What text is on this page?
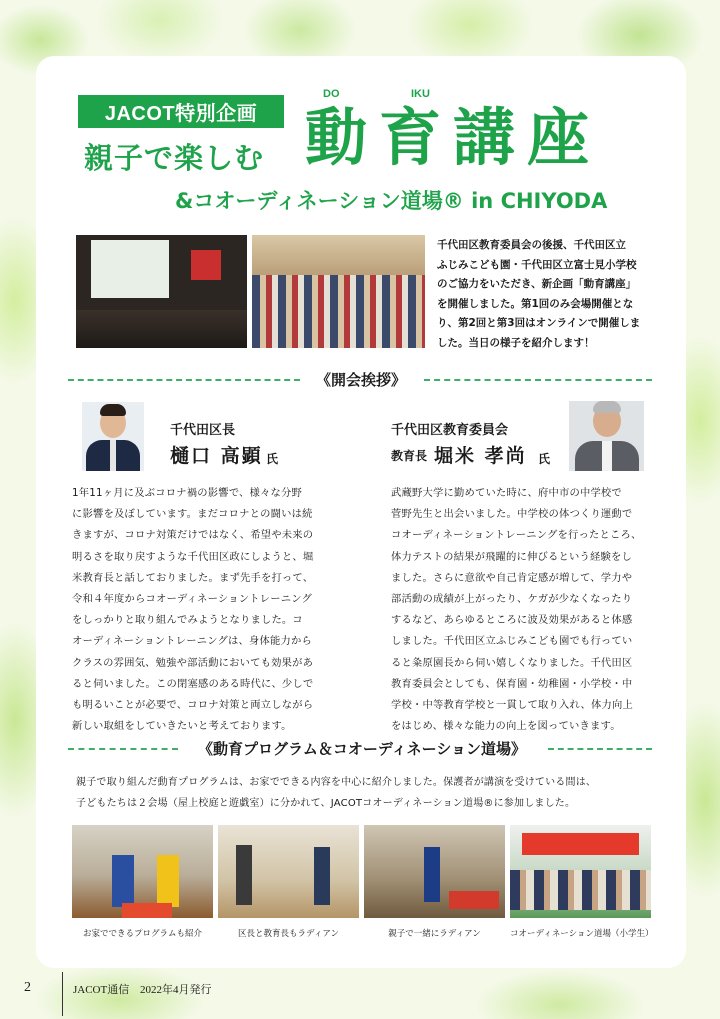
JACOT特別企画
親子で楽しむ
DO	IKU
動育講座
&コオーディネーション道場® in CHIYODA
千代田区教育委員会の後援、千代田区立
ふじみこども園・千代田区立富士見小学校
のご協力をいただき、新企画「動育講座」
を開催しました。第1回のみ会場開催とな
り、第2回と第3回はオンラインで開催しま
した。当日の様子を紹介します！
《開会挨拶》
千代田区長
樋口 高顕 氏
千代田区教育委員会
教育長 堀米 孝尚 氏
1年11ヶ月に及ぶコロナ禍の影響で、様々な分野
に影響を及ぼしています。まだコロナとの闘いは続
きますが、コロナ対策だけではなく、希望や未来の
明るさを取り戻すような千代田区政にしようと、堀
米教育長と話しておりました。まず先手を打って、
令和４年度からコオーディネーショントレーニング
をしっかりと取り組んでみようとなりました。コ
オーディネーショントレーニングは、身体能力から
クラスの雰囲気、勉強や部活動においても効果があ
ると伺いました。この閉塞感のある時代に、少しで
も明るいことが必要で、コロナ対策と両立しながら
新しい取組をしていきたいと考えております。
武蔵野大学に勤めていた時に、府中市の中学校で
菅野先生と出会いました。中学校の体つくり運動で
コオーディネーショントレーニングを行ったところ、
体力テストの結果が飛躍的に伸びるという経験をし
ました。さらに意欲や自己肯定感が増して、学力や
部活動の成績が上がったり、ケガが少なくなったり
するなど、あらゆるところに波及効果があると体感
しました。千代田区立ふじみこども園でも行ってい
ると粂原園長から伺い嬉しくなりました。千代田区
教育委員会としても、保育園・幼稚園・小学校・中
学校・中等教育学校と一貫して取り入れ、体力向上
をはじめ、様々な能力の向上を図っていきます。
《動育プログラム＆コオーディネーション道場》
親子で取り組んだ動育プログラムは、お家でできる内容を中心に紹介しました。保護者が講演を受けている間は、
子どもたちは２会場（屋上校庭と遊戯室）に分かれて、JACOTコオーディネーション道場®に参加しました。
お家でできるプログラムも紹介	区長と教育長もラディアン	親子で一緒にラディアン	コオーディネーション道場（小学生）
2	JACOT通信 2022年4月発行
